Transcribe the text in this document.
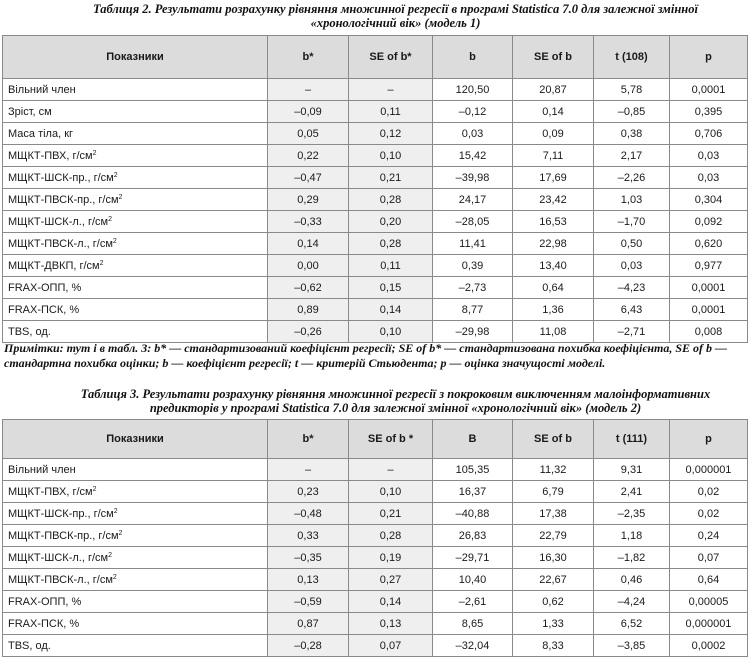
Таблиця 2. Результати розрахунку рівняння множинної регресії в програмі Statistica 7.0 для залежної змінної
«хронологічний вік» (модель 1)
Показники	b*	SE of b*	b	SE of b	t (108)	p
Вільний член	–	–	120,50	20,87	5,78	0,0001
Зріст, см	–0,09	0,11	–0,12	0,14	–0,85	0,395
Маса тіла, кг	0,05	0,12	0,03	0,09	0,38	0,706
МЩКТ-ПВХ, $г/см^2$	0,22	0,10	15,42	7,11	2,17	0,03
МЩКТ-ШСК-пр., $г/см^2$	–0,47	0,21	–39,98	17,69	–2,26	0,03
МЩКТ-ПВСК-пр., $г/см^2$	0,29	0,28	24,17	23,42	1,03	0,304
МЩКТ-ШСК-л., $г/см^2$	–0,33	0,20	–28,05	16,53	–1,70	0,092
МЩКТ-ПВСК-л., $г/см^2$	0,14	0,28	11,41	22,98	0,50	0,620
МЩКТ-ДВКП, $г/см^2$	0,00	0,11	0,39	13,40	0,03	0,977
FRAX-ОПП, %	–0,62	0,15	–2,73	0,64	–4,23	0,0001
FRAX-ПСК, %	0,89	0,14	8,77	1,36	6,43	0,0001
TBS, од.	–0,26	0,10	–29,98	11,08	–2,71	0,008
Примітки: тут і в табл. 3: b* — стандартизований коефіцієнт регресії; SE of b* — стандартизована похибка коефіцієнта, SE of b — стандартна похибка оцінки; b — коефіцієнт регресії; t — критерій Стьюдента; p — оцінка значущості моделі.
Таблиця 3. Результати розрахунку рівняння множинної регресії з покроковим виключенням малоінформативних
предикторів у програмі Statistica 7.0 для залежної змінної «хронологічний вік» (модель 2)
Показники	b*	SE of b *	B	SE of b	t (111)	p
Вільний член	–	–	105,35	11,32	9,31	0,000001
МЩКТ-ПВХ, $г/см^2$	0,23	0,10	16,37	6,79	2,41	0,02
МЩКТ-ШСК-пр., $г/см^2$	–0,48	0,21	–40,88	17,38	–2,35	0,02
МЩКТ-ПВСК-пр., $г/см^2$	0,33	0,28	26,83	22,79	1,18	0,24
МЩКТ-ШСК-л., $г/см^2$	–0,35	0,19	–29,71	16,30	–1,82	0,07
МЩКТ-ПВСК-л., $г/см^2$	0,13	0,27	10,40	22,67	0,46	0,64
FRAX-ОПП, %	–0,59	0,14	–2,61	0,62	–4,24	0,00005
FRAX-ПСК, %	0,87	0,13	8,65	1,33	6,52	0,000001
TBS, од.	–0,28	0,07	–32,04	8,33	–3,85	0,0002
